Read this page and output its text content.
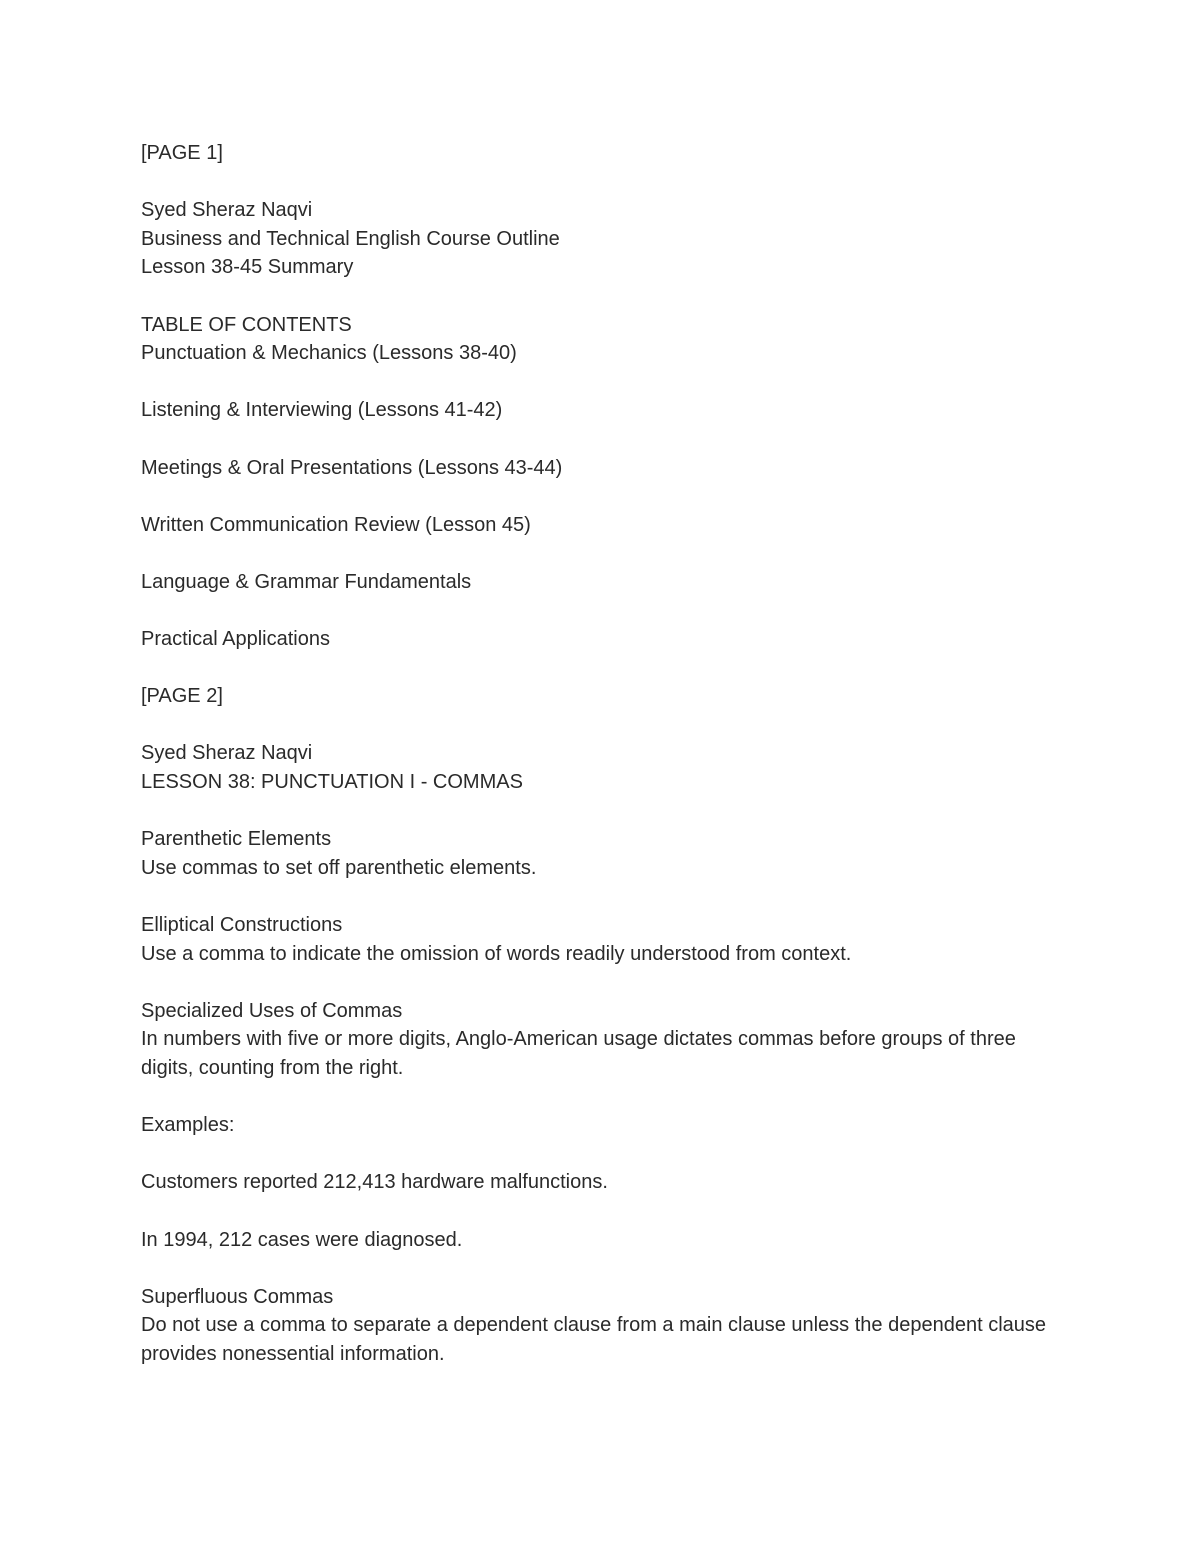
[PAGE 1]
Syed Sheraz Naqvi
Business and Technical English Course Outline
Lesson 38-45 Summary
TABLE OF CONTENTS
Punctuation & Mechanics (Lessons 38-40)
Listening & Interviewing (Lessons 41-42)
Meetings & Oral Presentations (Lessons 43-44)
Written Communication Review (Lesson 45)
Language & Grammar Fundamentals
Practical Applications
[PAGE 2]
Syed Sheraz Naqvi
LESSON 38: PUNCTUATION I - COMMAS
Parenthetic Elements
Use commas to set off parenthetic elements.
Elliptical Constructions
Use a comma to indicate the omission of words readily understood from context.
Specialized Uses of Commas
In numbers with five or more digits, Anglo-American usage dictates commas before groups of three digits, counting from the right.
Examples:
Customers reported 212,413 hardware malfunctions.
In 1994, 212 cases were diagnosed.
Superfluous Commas
Do not use a comma to separate a dependent clause from a main clause unless the dependent clause provides nonessential information.
